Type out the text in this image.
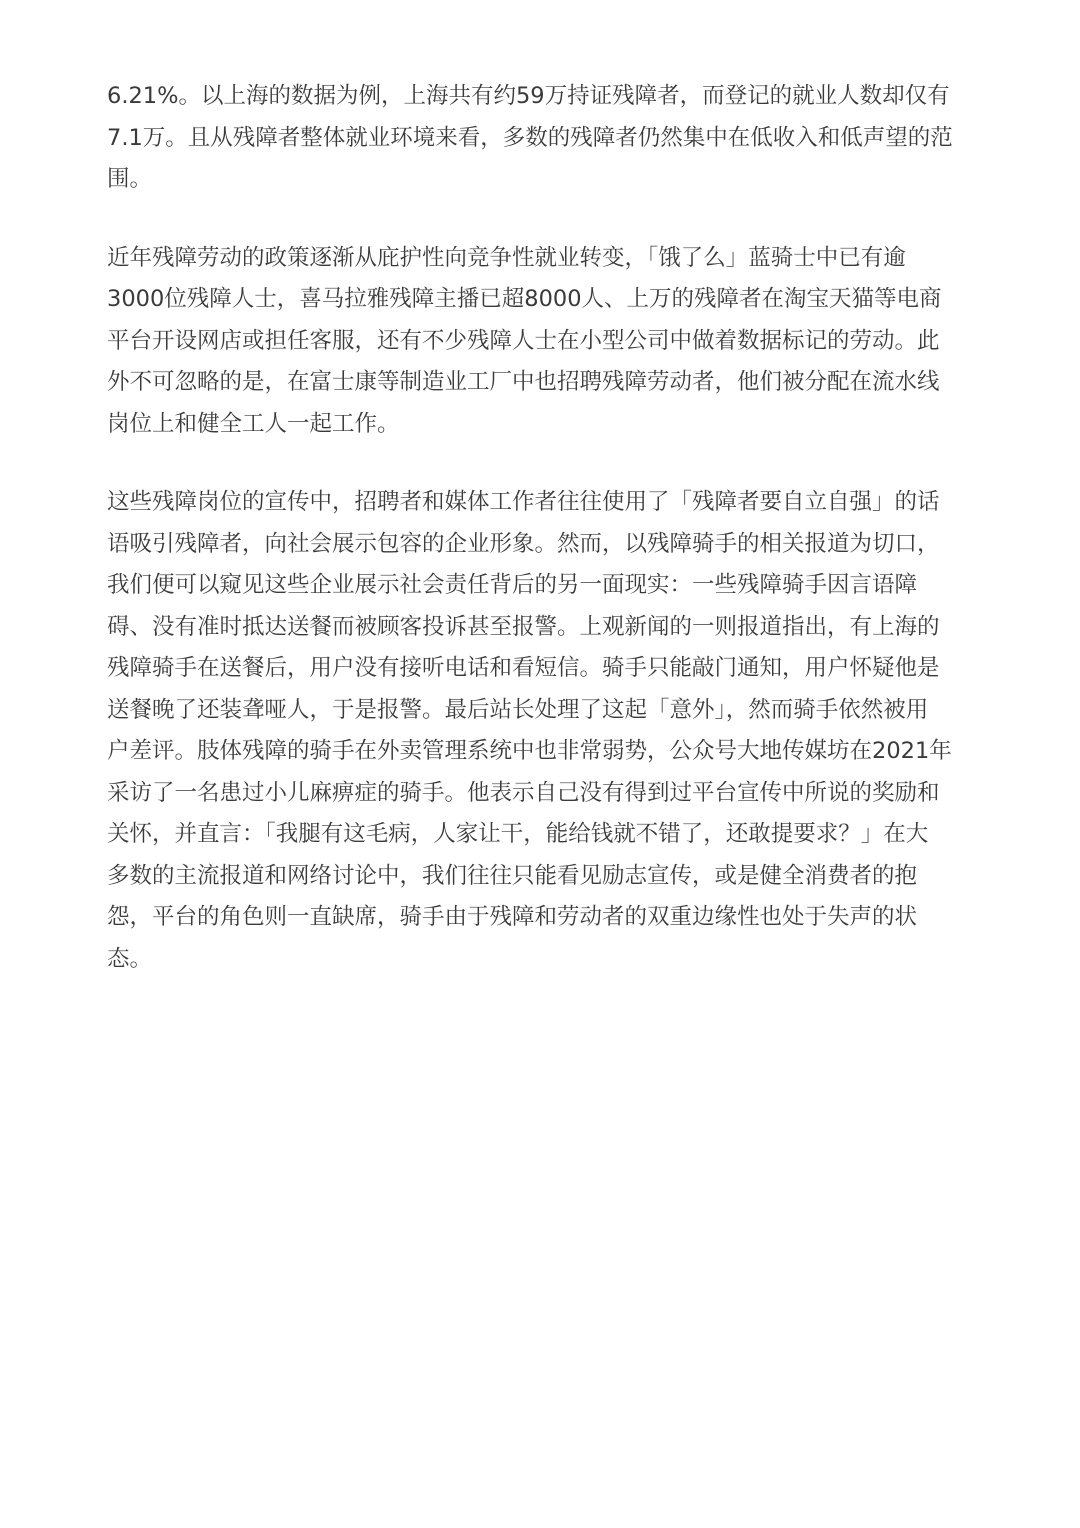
6.21%。以上海的数据为例，上海共有约59万持证残障者，而登记的就业人数却仅有
7.1万。且从残障者整体就业环境来看，多数的残障者仍然集中在低收入和低声望的范
围。

近年残障劳动的政策逐渐从庇护性向竞争性就业转变，「饿了么」蓝骑士中已有逾
3000位残障人士，喜马拉雅残障主播已超8000人、上万的残障者在淘宝天猫等电商
平台开设网店或担任客服，还有不少残障人士在小型公司中做着数据标记的劳动。此
外不可忽略的是，在富士康等制造业工厂中也招聘残障劳动者，他们被分配在流水线
岗位上和健全工人一起工作。

这些残障岗位的宣传中，招聘者和媒体工作者往往使用了「残障者要自立自强」的话
语吸引残障者，向社会展示包容的企业形象。然而，以残障骑手的相关报道为切口，
我们便可以窥见这些企业展示社会责任背后的另一面现实：一些残障骑手因言语障
碍、没有准时抵达送餐而被顾客投诉甚至报警。上观新闻的一则报道指出，有上海的
残障骑手在送餐后，用户没有接听电话和看短信。骑手只能敲门通知，用户怀疑他是
送餐晚了还装聋哑人，于是报警。最后站长处理了这起「意外」，然而骑手依然被用
户差评。肢体残障的骑手在外卖管理系统中也非常弱势，公众号大地传媒坊在2021年
采访了一名患过小儿麻痹症的骑手。他表示自己没有得到过平台宣传中所说的奖励和
关怀，并直言：「我腿有这毛病，人家让干，能给钱就不错了，还敢提要求？」在大
多数的主流报道和网络讨论中，我们往往只能看见励志宣传，或是健全消费者的抱
怨，平台的角色则一直缺席，骑手由于残障和劳动者的双重边缘性也处于失声的状
态。
